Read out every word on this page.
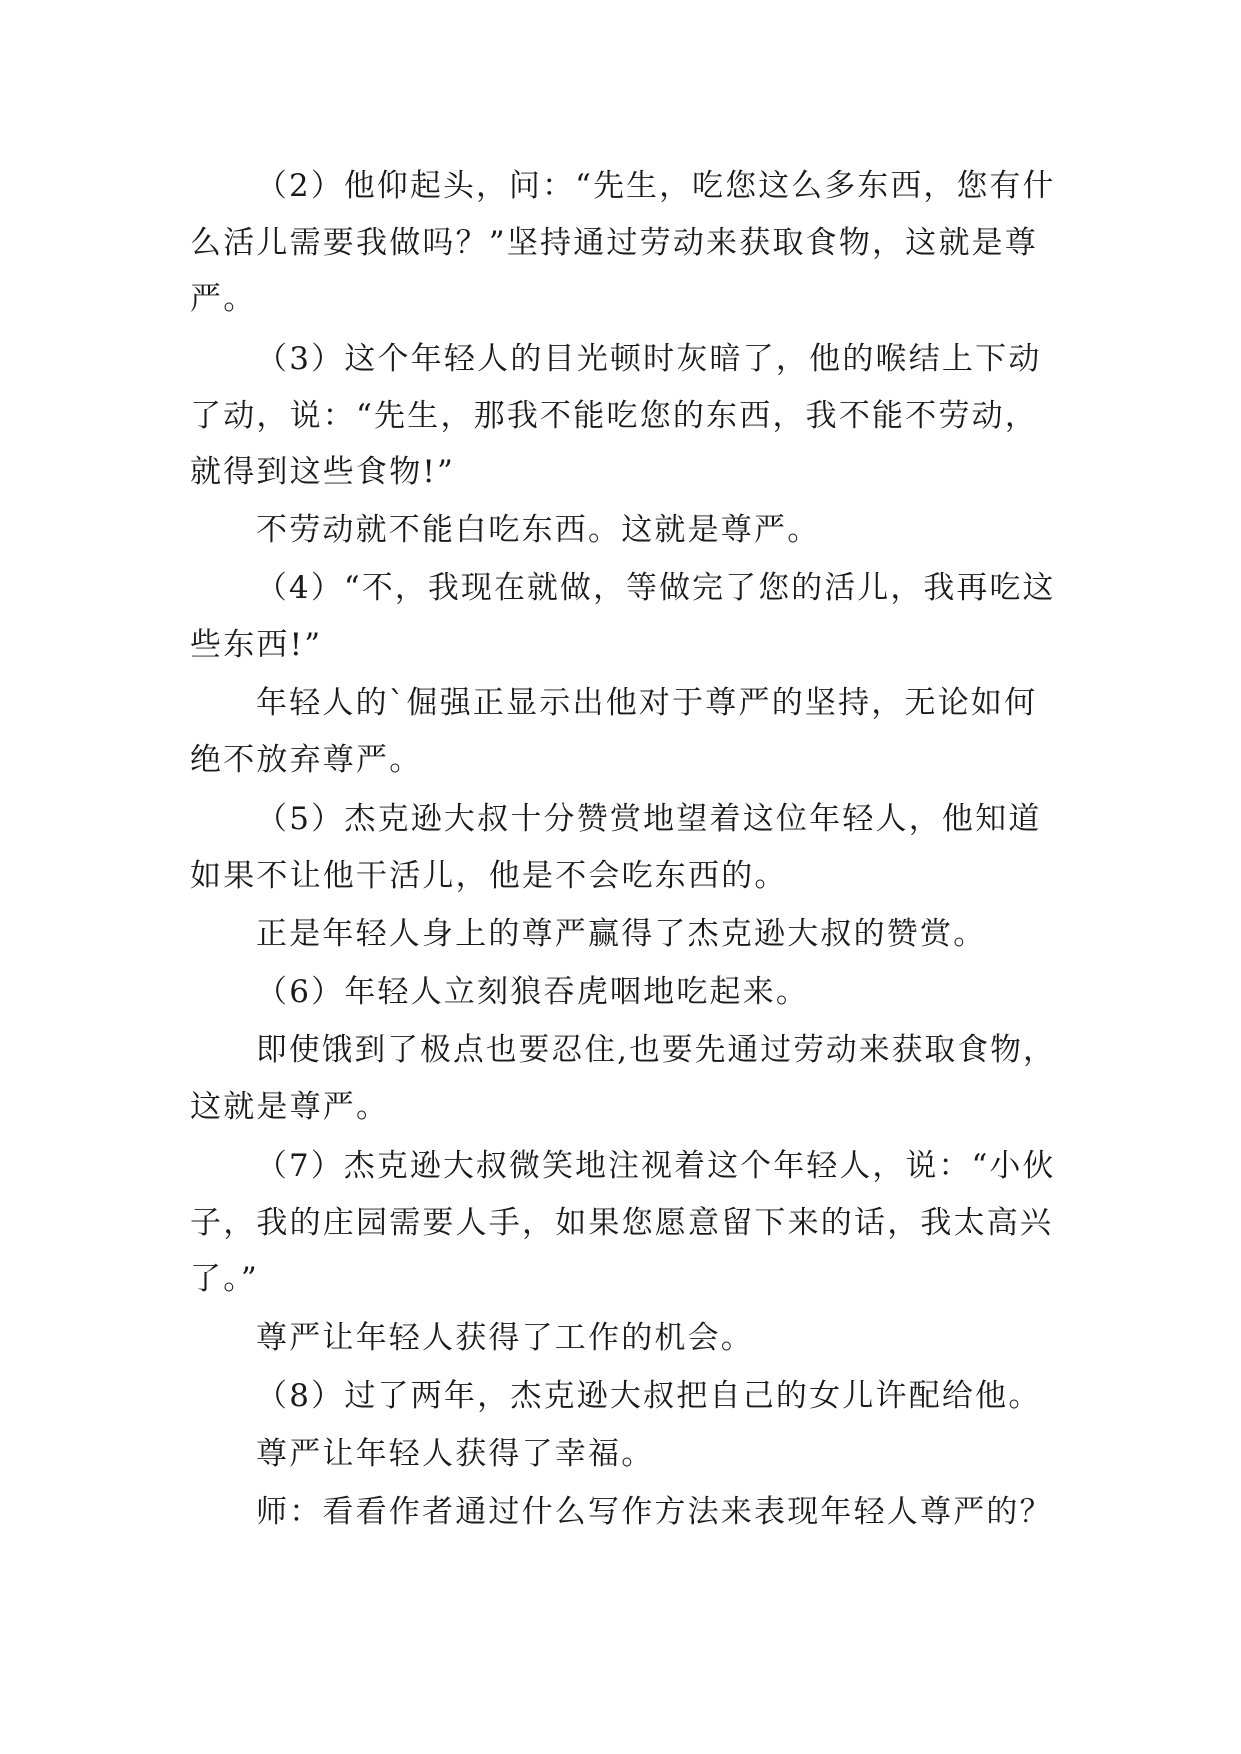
（2）他仰起头，问：“先生，吃您这么多东西，您有什
么活儿需要我做吗？”坚持通过劳动来获取食物，这就是尊
严。
（3）这个年轻人的目光顿时灰暗了，他的喉结上下动
了动，说：“先生，那我不能吃您的东西，我不能不劳动，
就得到这些食物!”
不劳动就不能白吃东西。这就是尊严。
（4）“不，我现在就做，等做完了您的活儿，我再吃这
些东西!”
年轻人的`倔强正显示出他对于尊严的坚持，无论如何
绝不放弃尊严。
（5）杰克逊大叔十分赞赏地望着这位年轻人，他知道
如果不让他干活儿，他是不会吃东西的。
正是年轻人身上的尊严赢得了杰克逊大叔的赞赏。
（6）年轻人立刻狼吞虎咽地吃起来。
即使饿到了极点也要忍住,也要先通过劳动来获取食物，
这就是尊严。
（7）杰克逊大叔微笑地注视着这个年轻人，说：“小伙
子，我的庄园需要人手，如果您愿意留下来的话，我太高兴
了。”
尊严让年轻人获得了工作的机会。
（8）过了两年，杰克逊大叔把自己的女儿许配给他。
尊严让年轻人获得了幸福。
师：看看作者通过什么写作方法来表现年轻人尊严的？
